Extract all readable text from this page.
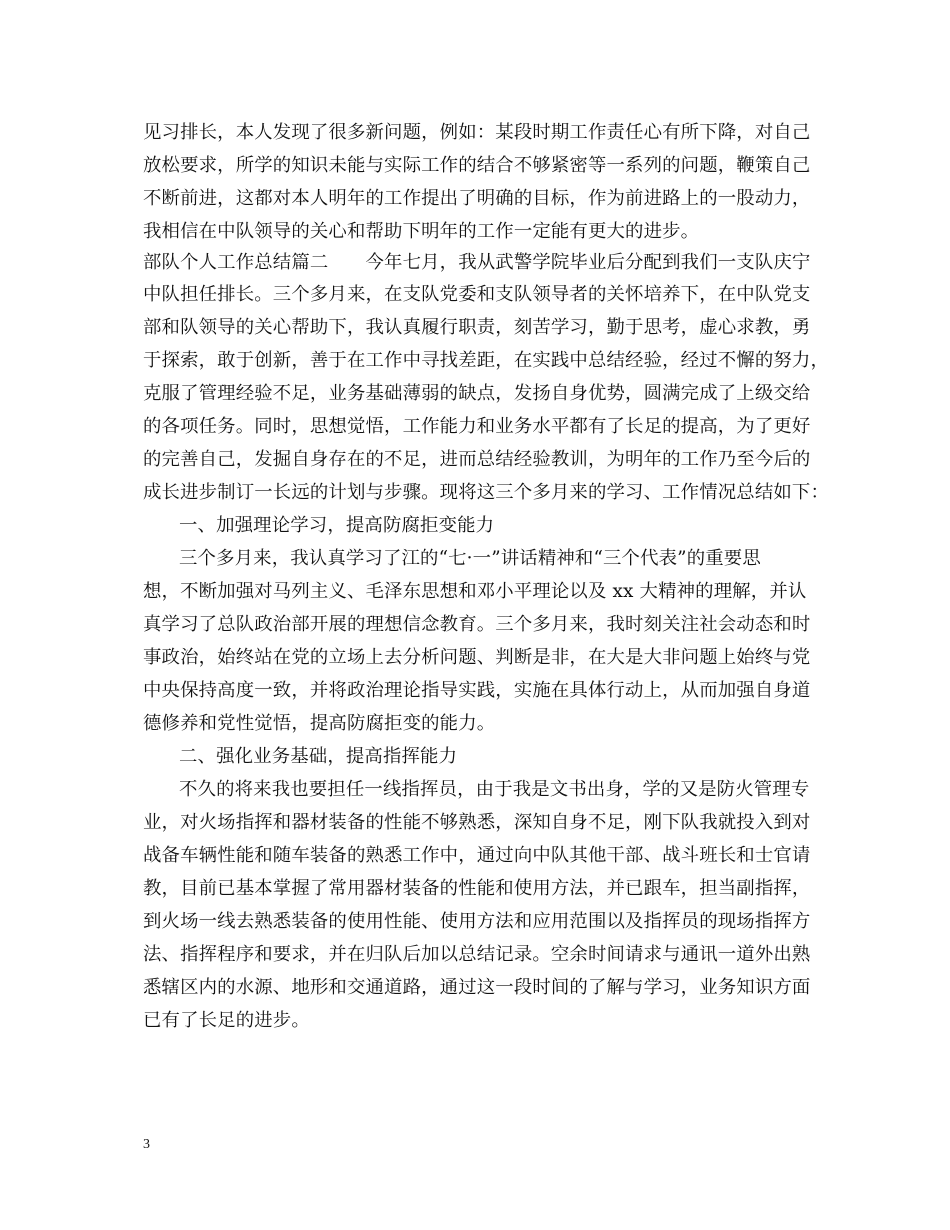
见习排长，本人发现了很多新问题，例如：某段时期工作责任心有所下降，对自己
放松要求，所学的知识未能与实际工作的结合不够紧密等一系列的问题，鞭策自己
不断前进，这都对本人明年的工作提出了明确的目标，作为前进路上的一股动力，
我相信在中队领导的关心和帮助下明年的工作一定能有更大的进步。
部队个人工作总结篇二　　今年七月，我从武警学院毕业后分配到我们一支队庆宁
中队担任排长。三个多月来，在支队党委和支队领导者的关怀培养下，在中队党支
部和队领导的关心帮助下，我认真履行职责，刻苦学习，勤于思考，虚心求教，勇
于探索，敢于创新，善于在工作中寻找差距，在实践中总结经验，经过不懈的努力，
克服了管理经验不足，业务基础薄弱的缺点，发扬自身优势，圆满完成了上级交给
的各项任务。同时，思想觉悟，工作能力和业务水平都有了长足的提高，为了更好
的完善自己，发掘自身存在的不足，进而总结经验教训，为明年的工作乃至今后的
成长进步制订一长远的计划与步骤。现将这三个多月来的学习、工作情况总结如下：
一、加强理论学习，提高防腐拒变能力
三个多月来，我认真学习了江的“七·一”讲话精神和“三个代表”的重要思
想，不断加强对马列主义、毛泽东思想和邓小平理论以及 xx 大精神的理解，并认
真学习了总队政治部开展的理想信念教育。三个多月来，我时刻关注社会动态和时
事政治，始终站在党的立场上去分析问题、判断是非，在大是大非问题上始终与党
中央保持高度一致，并将政治理论指导实践，实施在具体行动上，从而加强自身道
德修养和党性觉悟，提高防腐拒变的能力。
二、强化业务基础，提高指挥能力
不久的将来我也要担任一线指挥员，由于我是文书出身，学的又是防火管理专
业，对火场指挥和器材装备的性能不够熟悉，深知自身不足，刚下队我就投入到对
战备车辆性能和随车装备的熟悉工作中，通过向中队其他干部、战斗班长和士官请
教，目前已基本掌握了常用器材装备的性能和使用方法，并已跟车，担当副指挥，
到火场一线去熟悉装备的使用性能、使用方法和应用范围以及指挥员的现场指挥方
法、指挥程序和要求，并在归队后加以总结记录。空余时间请求与通讯一道外出熟
悉辖区内的水源、地形和交通道路，通过这一段时间的了解与学习，业务知识方面
已有了长足的进步。
3
